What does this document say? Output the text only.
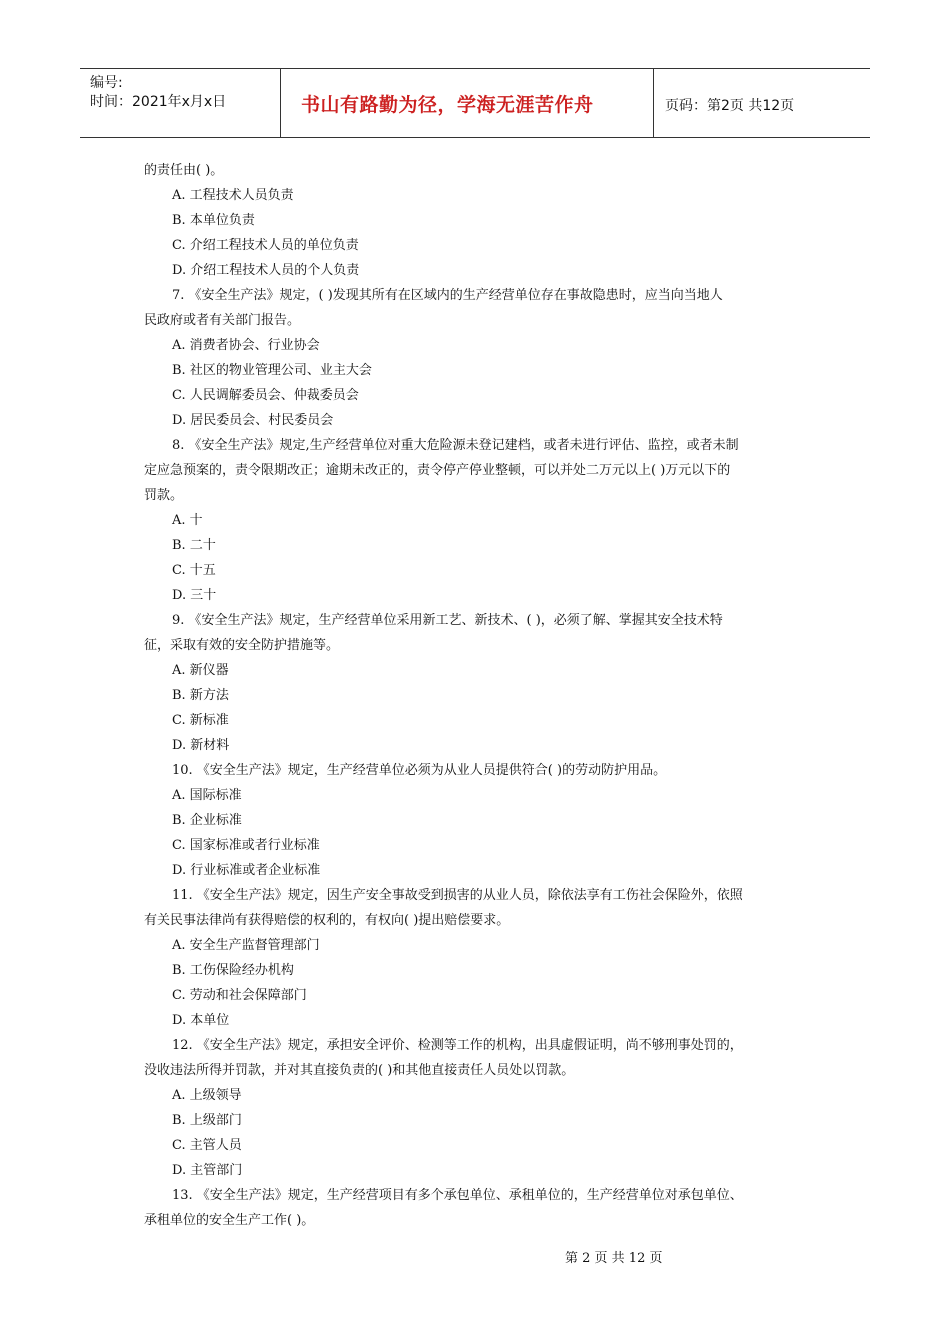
编号:
时间：2021年x月x日	书山有路勤为径，学海无涯苦作舟	页码：第2页 共12页

的责任由( )。

A. 工程技术人员负责

B. 本单位负责

C. 介绍工程技术人员的单位负责

D. 介绍工程技术人员的个人负责

7. 《安全生产法》规定，( )发现其所有在区域内的生产经营单位存在事故隐患时，应当向当地人

民政府或者有关部门报告。

A. 消费者协会、行业协会

B. 社区的物业管理公司、业主大会

C. 人民调解委员会、仲裁委员会

D. 居民委员会、村民委员会

8. 《安全生产法》规定,生产经营单位对重大危险源未登记建档，或者未进行评估、监控，或者未制

定应急预案的，责令限期改正；逾期未改正的，责令停产停业整顿，可以并处二万元以上( )万元以下的

罚款。

A. 十

B. 二十

C. 十五

D. 三十

9. 《安全生产法》规定，生产经营单位采用新工艺、新技术、( )，必须了解、掌握其安全技术特

征，采取有效的安全防护措施等。

A. 新仪器

B. 新方法

C. 新标准

D. 新材料

10. 《安全生产法》规定，生产经营单位必须为从业人员提供符合( )的劳动防护用品。

A. 国际标准

B. 企业标准

C. 国家标准或者行业标准

D. 行业标准或者企业标准

11. 《安全生产法》规定，因生产安全事故受到损害的从业人员，除依法享有工伤社会保险外，依照

有关民事法律尚有获得赔偿的权利的，有权向( )提出赔偿要求。

A. 安全生产监督管理部门

B. 工伤保险经办机构

C. 劳动和社会保障部门

D. 本单位

12. 《安全生产法》规定，承担安全评价、检测等工作的机构，出具虚假证明，尚不够刑事处罚的，

没收违法所得并罚款，并对其直接负责的( )和其他直接责任人员处以罚款。

A. 上级领导

B. 上级部门

C. 主管人员

D. 主管部门

13. 《安全生产法》规定，生产经营项目有多个承包单位、承租单位的，生产经营单位对承包单位、

承租单位的安全生产工作( )。

第 2 页 共 12 页
